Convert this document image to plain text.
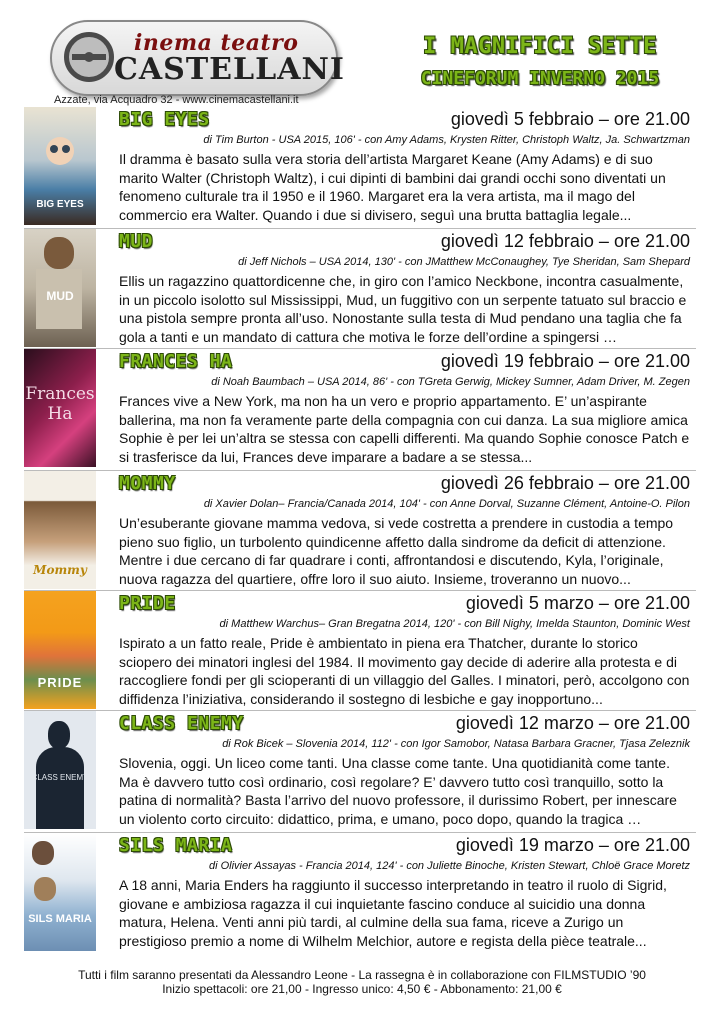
inema teatro
CASTELLANI
Azzate, via Acquadro 32 - www.cinemacastellani.it
I MAGNIFICI SETTE
CINEFORUM INVERNO 2015
BIG EYES
BIG EYES	giovedì 5 febbraio – ore 21.00
di Tim Burton - USA 2015, 106' - con Amy Adams, Krysten Ritter, Christoph Waltz, Ja. Schwartzman
Il dramma è basato sulla vera storia dell’artista Margaret Keane (Amy Adams) e di suo marito Walter (Christoph Waltz), i cui dipinti di bambini dai grandi occhi sono diventati un fenomeno culturale tra il 1950 e il 1960. Margaret era la vera artista, ma il mago del commercio era Walter. Quando i due si divisero, seguì una brutta battaglia legale...
MUD
MUD	giovedì 12 febbraio – ore 21.00
di Jeff Nichols – USA 2014, 130' - con JMatthew McConaughey, Tye Sheridan, Sam Shepard
Ellis un ragazzino quattordicenne che, in giro con l’amico Neckbone, incontra casualmente, in un piccolo isolotto sul Mississippi, Mud, un fuggitivo con un serpente tatuato sul braccio e una pistola sempre pronta all’uso. Nonostante sulla testa di Mud pendano una taglia che fa gola a tanti e un mandato di cattura che motiva le forze dell’ordine a spingersi …
Frances Ha
FRANCES HA	giovedì 19 febbraio – ore 21.00
di Noah Baumbach – USA 2014, 86' - con TGreta Gerwig, Mickey Sumner, Adam Driver, M. Zegen
Frances vive a New York, ma non ha un vero e proprio appartamento. E’ un’aspirante ballerina, ma non fa veramente parte della compagnia con cui danza. La sua migliore amica Sophie è per lei un’altra se stessa con capelli differenti. Ma quando Sophie conosce Patch e si trasferisce da lui, Frances deve imparare a badare a se stessa...
Mommy
MOMMY	giovedì 26 febbraio – ore 21.00
di Xavier Dolan– Francia/Canada 2014, 104' - con Anne Dorval, Suzanne Clément, Antoine-O. Pilon
Un’esuberante giovane mamma vedova, si vede costretta a prendere in custodia a tempo pieno suo figlio, un turbolento quindicenne affetto dalla sindrome da deficit di attenzione. Mentre i due cercano di far quadrare i conti, affrontandosi e discutendo, Kyla, l’originale, nuova ragazza del quartiere, offre loro il suo aiuto. Insieme, troveranno un nuovo...
PRIDE
PRIDE	giovedì 5 marzo – ore 21.00
di Matthew Warchus– Gran Bregatna 2014, 120' - con Bill Nighy, Imelda Staunton, Dominic West
Ispirato a un fatto reale, Pride è ambientato in piena era Thatcher, durante lo storico sciopero dei minatori inglesi del 1984. Il movimento gay decide di aderire alla protesta e di raccogliere fondi per gli scioperanti di un villaggio del Galles. I minatori, però, accolgono con diffidenza l’iniziativa, considerando il sostegno di lesbiche e gay inopportuno...
CLASS ENEMY
CLASS ENEMY	giovedì 12 marzo – ore 21.00
di Rok Bicek – Slovenia 2014, 112' - con Igor Samobor, Natasa Barbara Gracner, Tjasa Zeleznik
Slovenia, oggi. Un liceo come tanti. Una classe come tante. Una quotidianità come tante. Ma è davvero tutto così ordinario, così regolare? E’ davvero tutto così tranquillo, sotto la patina di normalità? Basta l’arrivo del nuovo professore, il durissimo Robert, per innescare un violento corto circuito: didattico, prima, e umano, poco dopo, quando la tragica …
SILS MARIA
SILS MARIA	giovedì 19 marzo – ore 21.00
di Olivier Assayas - Francia 2014, 124' - con Juliette Binoche, Kristen Stewart, Chloë Grace Moretz
A 18 anni, Maria Enders ha raggiunto il successo interpretando in teatro il ruolo di Sigrid, giovane e ambiziosa ragazza il cui inquietante fascino conduce al suicidio una donna matura, Helena. Venti anni più tardi, al culmine della sua fama, riceve a Zurigo un prestigioso premio a nome di Wilhelm Melchior, autore e regista della pièce teatrale...
Tutti i film saranno presentati da Alessandro Leone - La rassegna è in collaborazione con FILMSTUDIO ’90
Inizio spettacoli: ore 21,00 - Ingresso unico: 4,50 € - Abbonamento: 21,00 €
